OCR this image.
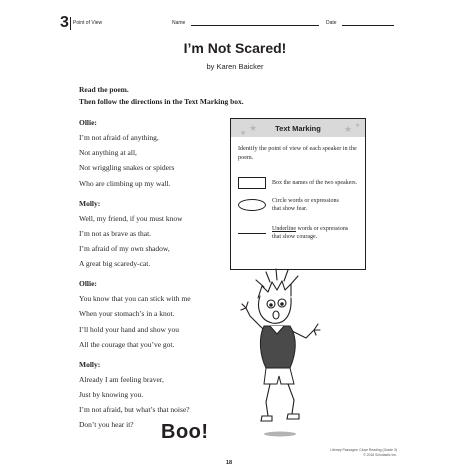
3 Point of View	Name	Date
I’m Not Scared!
by Karen Baicker
Read the poem.
Then follow the directions in the Text Marking box.
Ollie:
I’m not afraid of anything,
Not anything at all,
Not wriggling snakes or spiders
Who are climbing up my wall.
Molly:
Well, my friend, if you must know
I’m not as brave as that.
I’m afraid of my own shadow,
A great big scaredy-cat.
Ollie:
You know that you can stick with me
When your stomach’s in a knot.
I’ll hold your hand and show you
All the courage that you’ve got.
Molly:
Already I am feeling braver,
Just by knowing you.
I’m not afraid, but what’s that noise?
Don’t you hear it?
★
★	★ ★
Text Marking
Identify the point of view of each speaker in the poem.
Box the names of the two speakers.
Circle words or expressions
that show fear.
Underline words or expressions
that show courage.
Boo!
18
Literary Passages: Close Reading (Grade 3)
© 2016 Scholastic Inc.
